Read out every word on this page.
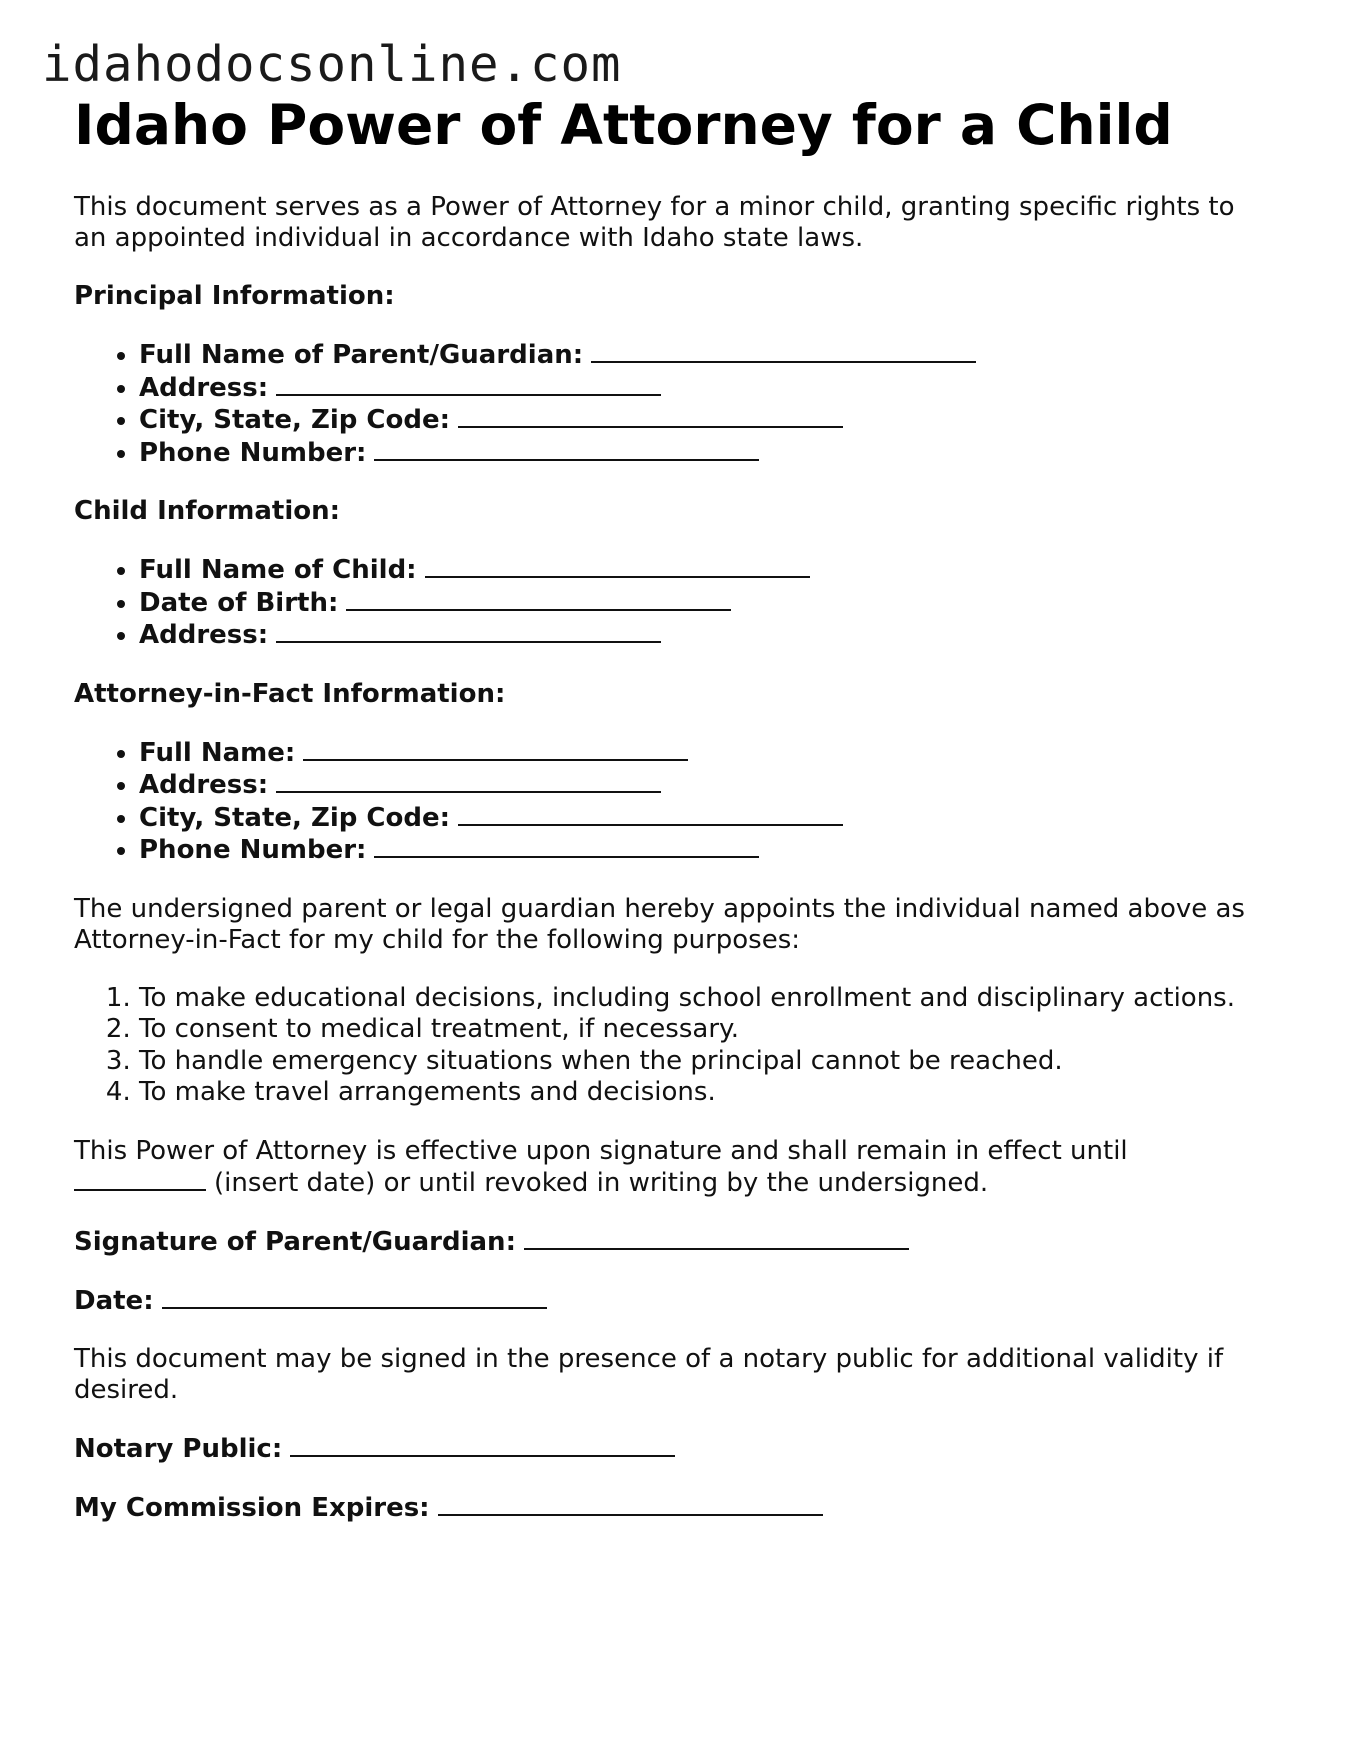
idahodocsonline.com
Idaho Power of Attorney for a Child

This document serves as a Power of Attorney for a minor child, granting specific rights to an appointed individual in accordance with Idaho state laws.

Principal Information:

• Full Name of Parent/Guardian:
• Address:
• City, State, Zip Code:
• Phone Number:

Child Information:

• Full Name of Child:
• Date of Birth:
• Address:

Attorney-in-Fact Information:

• Full Name:
• Address:
• City, State, Zip Code:
• Phone Number:

The undersigned parent or legal guardian hereby appoints the individual named above as Attorney-in-Fact for my child for the following purposes:

1. To make educational decisions, including school enrollment and disciplinary actions.
2. To consent to medical treatment, if necessary.
3. To handle emergency situations when the principal cannot be reached.
4. To make travel arrangements and decisions.

This Power of Attorney is effective upon signature and shall remain in effect until
(insert date) or until revoked in writing by the undersigned.

Signature of Parent/Guardian:

Date:

This document may be signed in the presence of a notary public for additional validity if desired.

Notary Public:

My Commission Expires:
